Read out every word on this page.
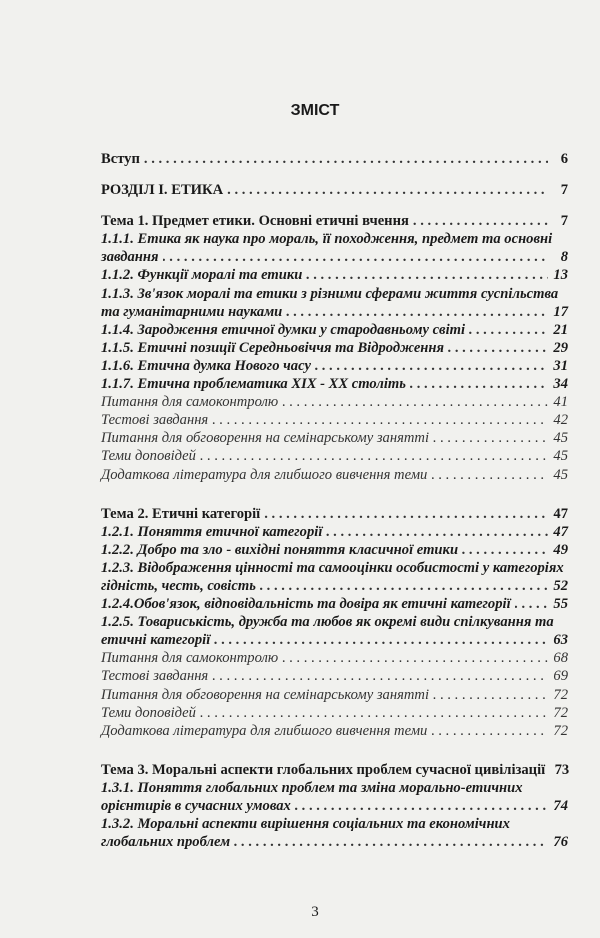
ЗМІСТ
Вступ . . .	6
РОЗДІЛ І. ЕТИКА . . .	7
Тема 1. Предмет етики. Основні етичні вчення . . .	7
1.1.1. Етика як наука про мораль, її походження, предмет та основні
завдання . . .	8
1.1.2. Функції моралі та етики . . .	13
1.1.3. Зв'язок моралі та етики з різними сферами життя суспільства
та гуманітарними науками . . .	17
1.1.4. Зародження етичної думки у стародавньому світі . . .	21
1.1.5. Етичні позиції Середньовіччя та Відродження . . .	29
1.1.6. Етична думка Нового часу . . .	31
1.1.7. Етична проблематика XIX - XX століть . . .	34
Питання для самоконтролю . . .	41
Тестові завдання . . .	42
Питання для обговорення на семінарському занятті . . .	45
Теми доповідей . . .	45
Додаткова література для глибшого вивчення теми . . .	45
Тема 2. Етичні категорії . . .	47
1.2.1. Поняття етичної категорії . . .	47
1.2.2. Добро та зло - вихідні поняття класичної етики . . .	49
1.2.3. Відображення цінності та самооцінки особистості у категоріях
гідність, честь, совість . . .	52
1.2.4.Обов'язок, відповідальність та довіра як етичні категорії . . .	55
1.2.5. Товариськість, дружба та любов як окремі види спілкування та
етичні категорії . . .	63
Питання для самоконтролю . . .	68
Тестові завдання . . .	69
Питання для обговорення на семінарському занятті . . .	72
Теми доповідей . . .	72
Додаткова література для глибшого вивчення теми . . .	72
Тема 3. Моральні аспекти глобальних проблем сучасної цивілізації 73
1.3.1. Поняття глобальних проблем та зміна морально-етичних
орієнтирів в сучасних умовах . . .	74
1.3.2. Моральні аспекти вирішення соціальних та економічних
глобальних проблем . . .	76
3
